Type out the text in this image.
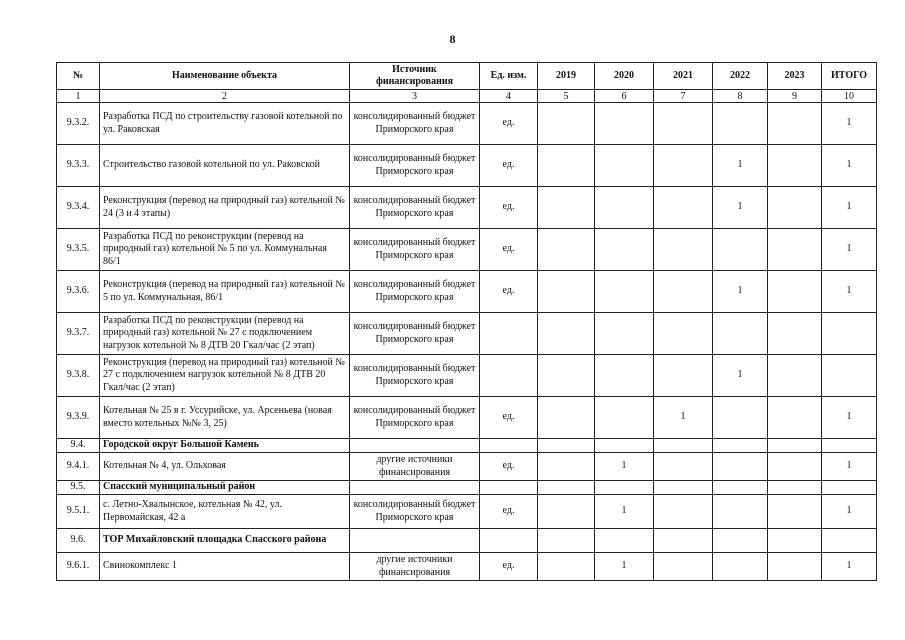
8
№	Наименование объекта	Источник финансирования	Ед. изм.	2019	2020	2021	2022	2023	ИТОГО
1	2	3	4	5	6	7	8	9	10
9.3.2.	Разработка ПСД по строительству газовой котельной по ул. Раковская	консолидированный бюджет Приморского края	ед.						1
9.3.3.	Строительство газовой котельной по ул. Раковской	консолидированный бюджет Приморского края	ед.				1		1
9.3.4.	Реконструкция (перевод на природный газ) котельной № 24 (3 и 4 этапы)	консолидированный бюджет Приморского края	ед.				1		1
9.3.5.	Разработка ПСД по реконструкции (перевод на природный газ) котельной № 5 по ул. Коммунальная 86/1	консолидированный бюджет Приморского края	ед.						1
9.3.6.	Реконструкция (перевод на природный газ) котельной № 5 по ул. Коммунальная, 86/1	консолидированный бюджет Приморского края	ед.				1		1
9.3.7.	Разработка ПСД по реконструкции (перевод на природный газ) котельной № 27 с подключением нагрузок котельной № 8 ДТВ 20 Гкал/час (2 этап)	консолидированный бюджет Приморского края							
9.3.8.	Реконструкция (перевод на природный газ) котельной № 27 с подключением нагрузок котельной № 8 ДТВ 20 Гкал/час (2 этап)	консолидированный бюджет Приморского края					1		
9.3.9.	Котельная № 25 в г. Уссурийске, ул. Арсеньева (новая вместо котельных №№ 3, 25)	консолидированный бюджет Приморского края	ед.			1			1
9.4.	Городской округ Большой Камень								
9.4.1.	Котельная № 4, ул. Ольховая	другие источники финансирования	ед.		1				1
9.5.	Спасский муниципальный район								
9.5.1.	с. Летно-Хвалынское, котельная № 42, ул. Первомайская, 42 а	консолидированный бюджет Приморского края	ед.		1				1
9.6.	ТОР Михайловский площадка Спасского района								
9.6.1.	Свинокомплекс 1	другие источники финансирования	ед.		1				1
